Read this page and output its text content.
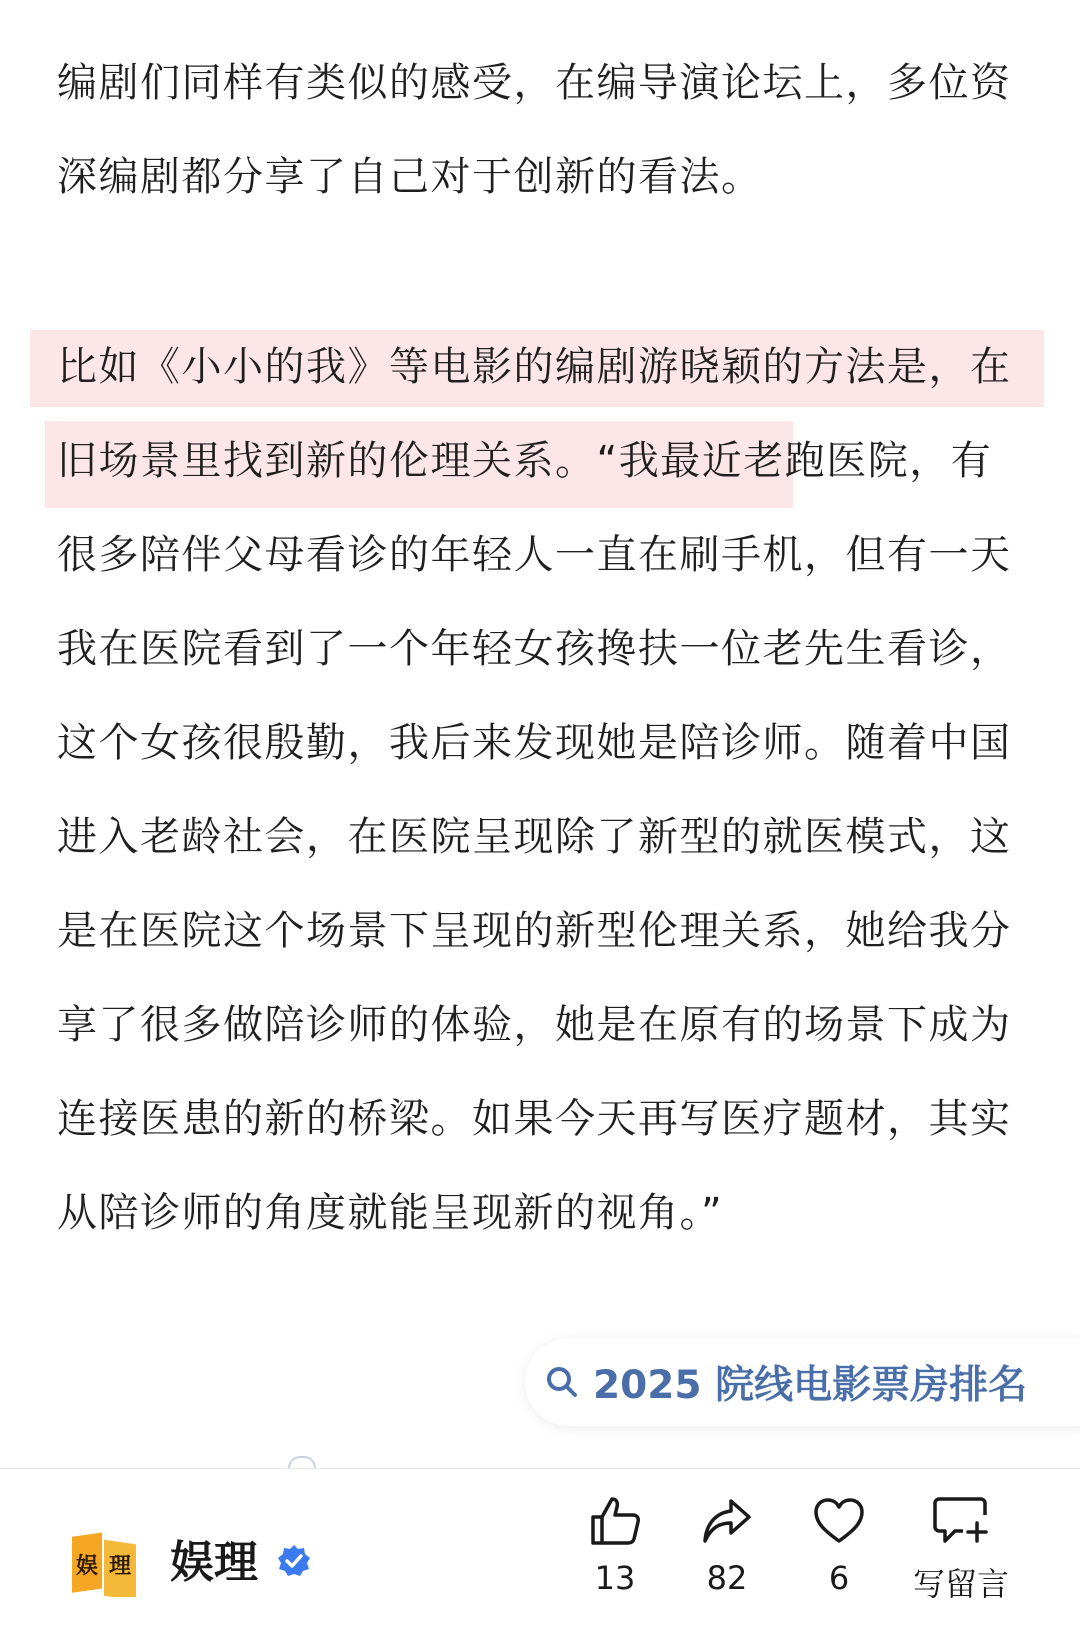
编剧们同样有类似的感受，在编导演论坛上，多位资深编剧都分享了自己对于创新的看法。

比如《小小的我》等电影的编剧游晓颖的方法是，在旧场景里找到新的伦理关系。“我最近老跑医院，有很多陪伴父母看诊的年轻人一直在刷手机，但有一天我在医院看到了一个年轻女孩搀扶一位老先生看诊，这个女孩很殷勤，我后来发现她是陪诊师。随着中国进入老龄社会，在医院呈现除了新型的就医模式，这是在医院这个场景下呈现的新型伦理关系，她给我分享了很多做陪诊师的体验，她是在原有的场景下成为连接医患的新的桥梁。如果今天再写医疗题材，其实从陪诊师的角度就能呈现新的视角。”

2025 院线电影票房排名
娱 理 娱理	13	82	6	写留言
